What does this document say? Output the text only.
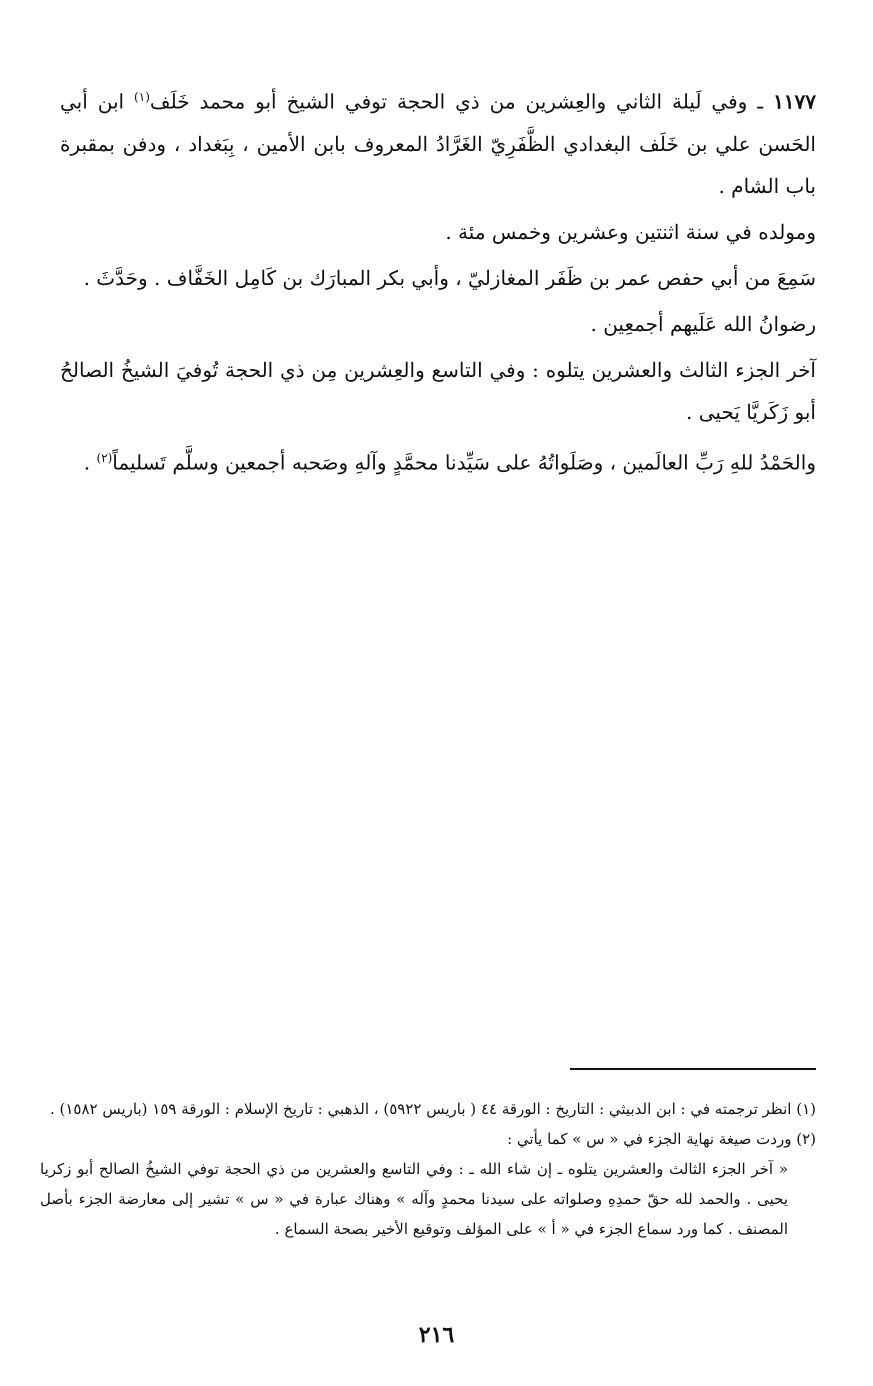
١١٧٧ ـ وفي لَيلة الثاني والعِشرين من ذي الحجة توفي الشيخ أبو محمد خَلَف$^{(١)}$ ابن أبي الحَسن علي بن خَلَف البغدادي الظَّفَرِيّ الغَرَّادُ المعروف بابن الأمين ، بِبَغداد ، ودفن بمقبرة باب الشام .

ومولده في سنة اثنتين وعشرين وخمس مئة .

سَمِعَ من أبي حفص عمر بن ظَفَر المغازليّ ، وأبي بكر المبارَك بن كَامِل الخَفَّاف . وحَدَّثَ .

رضوانُ الله عَلَيهم أجمعِين .

آخر الجزء الثالث والعشرين يتلوه : وفي التاسع والعِشرين مِن ذي الحجة تُوفيَ الشيخُ الصالحُ أبو زَكَريَّا يَحيى .

والحَمْدُ للهِ رَبِّ العالَمين ، وصَلَواتُهُ على سَيِّدنا محمَّدٍ وآلهِ وصَحبه أجمعين وسلَّم تَسليماً$^{(٢)}$ .

(١) انظر ترجمته في : ابن الدبيثي : التاريخ : الورقة ٤٤ ( باريس ٥٩٢٢) ، الذهبي : تاريخ الإسلام : الورقة ١٥٩ (باريس ١٥٨٢) .

(٢) وردت صيغة نهاية الجزء في « س » كما يأتي :

« آخر الجزء الثالث والعشرين يتلوه ـ إن شاء الله ـ : وفي التاسع والعشرين من ذي الحجة توفي الشيخُ الصالح أبو زكريا يحيى . والحمد لله حقّ حمدِهِ وصلواته على سيدنا محمدٍ وآله » وهناك عبارة في « س » تشير إلى معارضة الجزء بأصل المصنف . كما ورد سماع الجزء في « أ » على المؤلف وتوقيع الأخير بصحة السماع .

٢١٦
